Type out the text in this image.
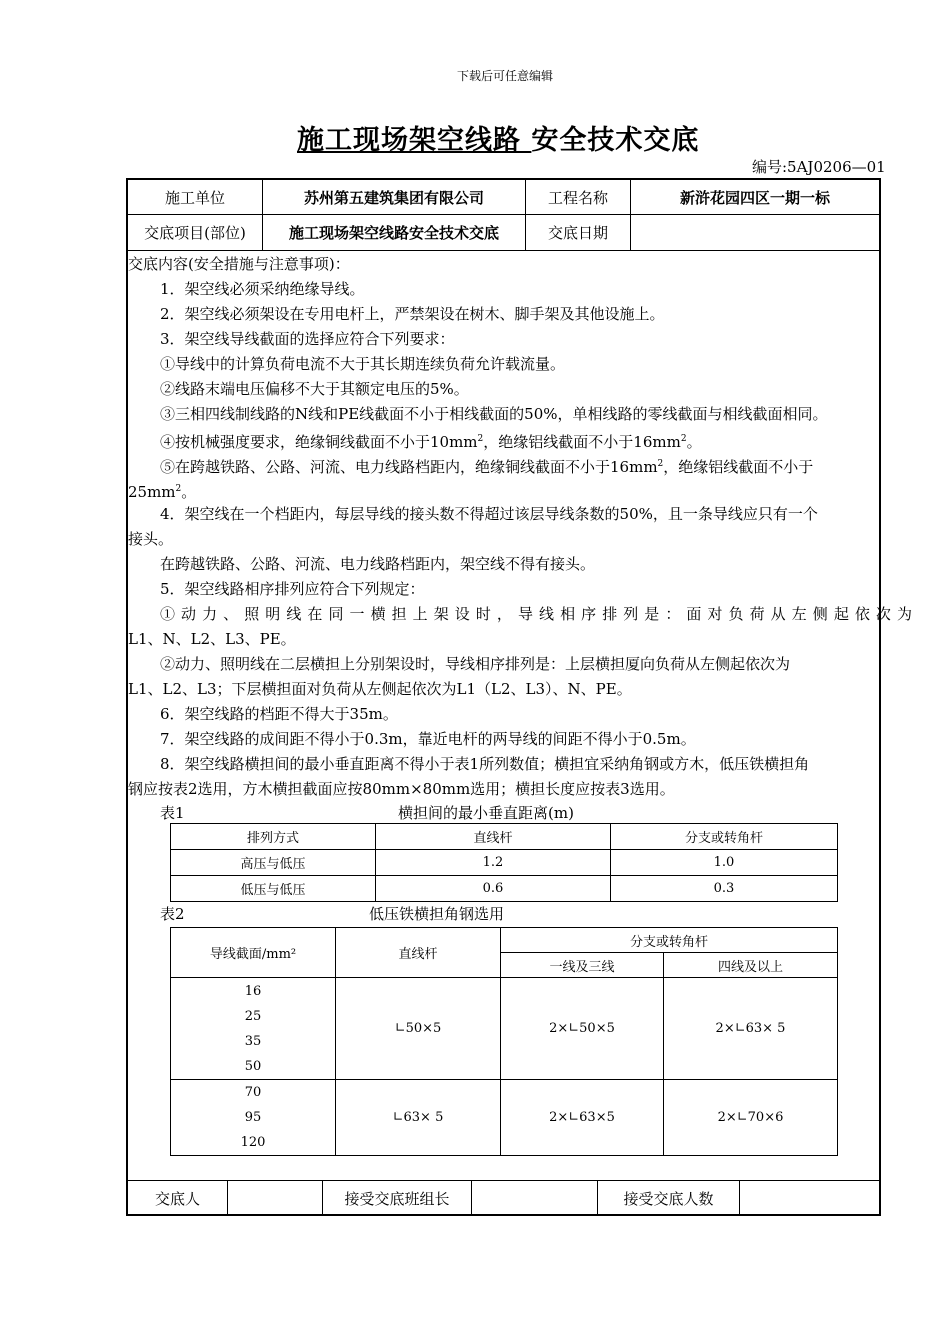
下载后可任意编辑
施工现场架空线路 安全技术交底
编号:5AJ0206—01
施工单位	苏州第五建筑集团有限公司	工程名称	新浒花园四区一期一标
交底项目(部位)	施工现场架空线路安全技术交底	交底日期
交底内容(安全措施与注意事项)：
1．架空线必须采纳绝缘导线。
2．架空线必须架设在专用电杆上，严禁架设在树木、脚手架及其他设施上。
3．架空线导线截面的选择应符合下列要求：
①导线中的计算负荷电流不大于其长期连续负荷允许载流量。
②线路末端电压偏移不大于其额定电压的5%。
③三相四线制线路的N线和PE线截面不小于相线截面的50%，单相线路的零线截面与相线截面相同。
④按机械强度要求，绝缘铜线截面不小于$10mm^2$，绝缘铝线截面不小于$16mm^2$。
⑤在跨越铁路、公路、河流、电力线路档距内，绝缘铜线截面不小于$16mm^2$，绝缘铝线截面不小于
$25mm^2$。
4．架空线在一个档距内，每层导线的接头数不得超过该层导线条数的50%，且一条导线应只有一个
接头。
在跨越铁路、公路、河流、电力线路档距内，架空线不得有接头。
5．架空线路相序排列应符合下列规定：
①动力、照明线在同一横担上架设时，导线相序排列是：面对负荷从左侧起依次为
L1、N、L2、L3、PE。
②动力、照明线在二层横担上分别架设时，导线相序排列是：上层横担厦向负荷从左侧起依次为
L1、L2、L3；下层横担面对负荷从左侧起依次为L1（L2、L3）、N、PE。
6．架空线路的档距不得大于35m。
7．架空线路的成间距不得小于0.3m，靠近电杆的两导线的间距不得小于0.5m。
8．架空线路横担间的最小垂直距离不得小于表1所列数值；横担宜采纳角钢或方木，低压铁横担角
钢应按表2选用，方木横担截面应按80mm×80mm选用；横担长度应按表3选用。
表1	横担间的最小垂直距离(m)
排列方式	直线杆	分支或转角杆
高压与低压	1.2	1.0
低压与低压	0.6	0.3
表2	低压铁横担角钢选用
导线截面/mm²	直线杆	分支或转角杆	
		一线及三线	四线及以上

16
25
35
50	∟50×5	2×∟50×5	2×∟63× 5

70
95
120	∟63× 5	2×∟63×5	2×∟70×6
交底人	接受交底班组长	接受交底人数
